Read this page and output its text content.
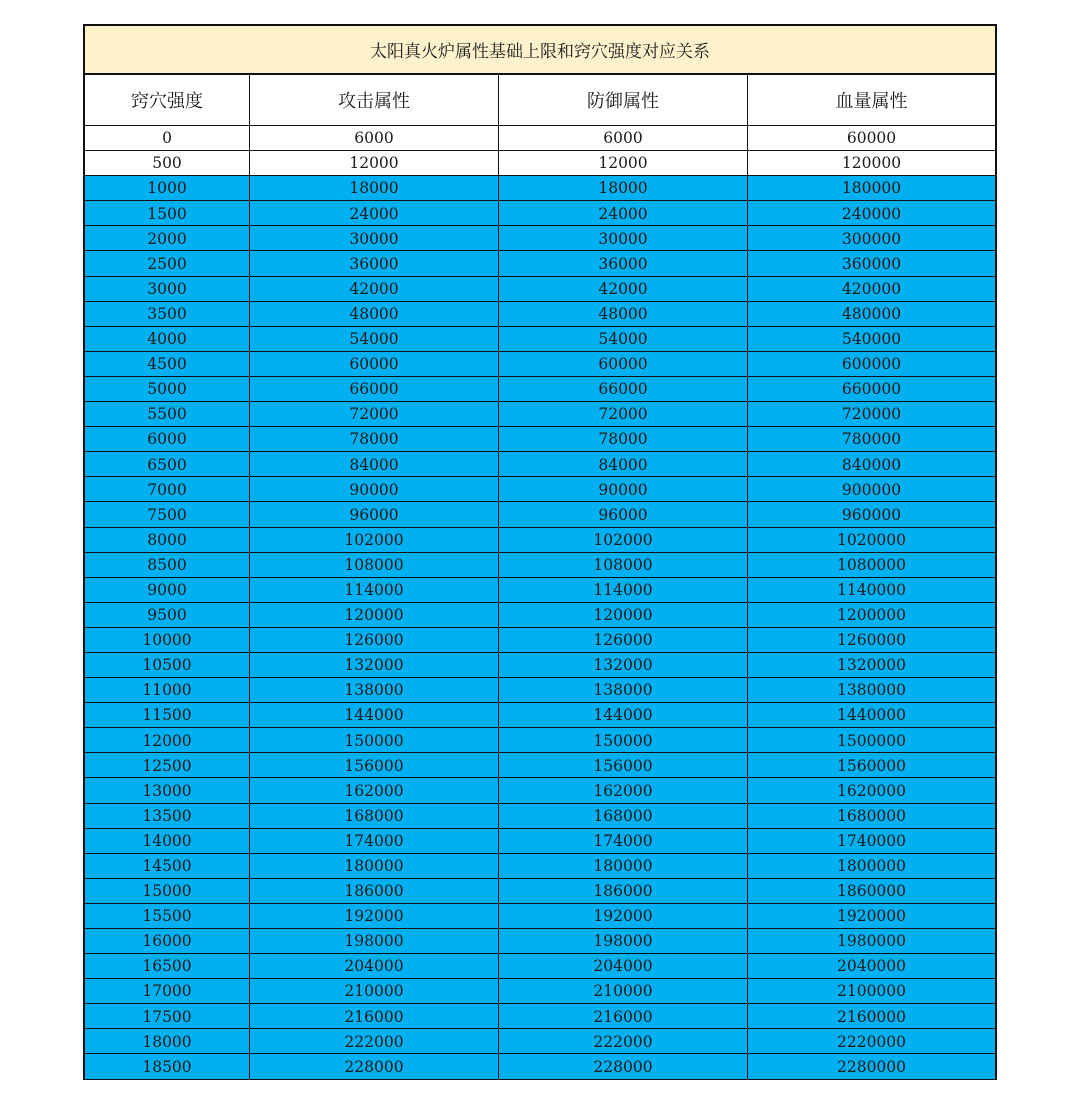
太阳真火炉属性基础上限和窍穴强度对应关系
窍穴强度	攻击属性	防御属性	血量属性
0	6000	6000	60000
500	12000	12000	120000
1000	18000	18000	180000
1500	24000	24000	240000
2000	30000	30000	300000
2500	36000	36000	360000
3000	42000	42000	420000
3500	48000	48000	480000
4000	54000	54000	540000
4500	60000	60000	600000
5000	66000	66000	660000
5500	72000	72000	720000
6000	78000	78000	780000
6500	84000	84000	840000
7000	90000	90000	900000
7500	96000	96000	960000
8000	102000	102000	1020000
8500	108000	108000	1080000
9000	114000	114000	1140000
9500	120000	120000	1200000
10000	126000	126000	1260000
10500	132000	132000	1320000
11000	138000	138000	1380000
11500	144000	144000	1440000
12000	150000	150000	1500000
12500	156000	156000	1560000
13000	162000	162000	1620000
13500	168000	168000	1680000
14000	174000	174000	1740000
14500	180000	180000	1800000
15000	186000	186000	1860000
15500	192000	192000	1920000
16000	198000	198000	1980000
16500	204000	204000	2040000
17000	210000	210000	2100000
17500	216000	216000	2160000
18000	222000	222000	2220000
18500	228000	228000	2280000
